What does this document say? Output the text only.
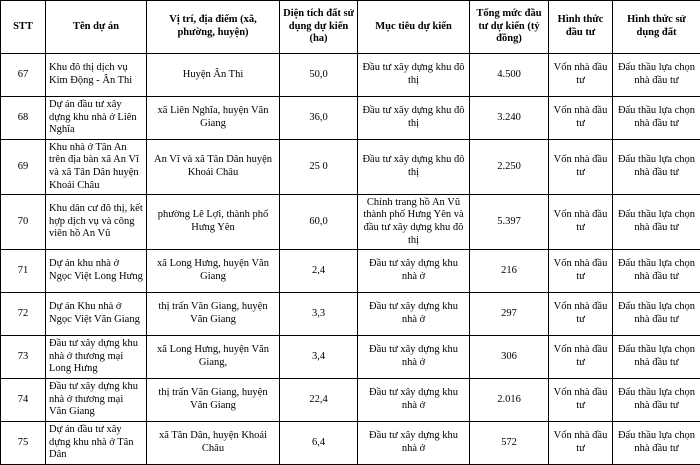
STT	Tên dự án	Vị trí, địa điểm (xã, phường, huyện)	Diện tích đất sử dụng dự kiến (ha)	Mục tiêu dự kiến	Tổng mức đầu tư dự kiến (tỷ đồng)	Hình thức đầu tư	Hình thức sử dụng đất
67	Khu đô thị dịch vụ Kim Động - Ân Thi	Huyện Ân Thi	50,0	Đầu tư xây dựng khu đô thị	4.500	Vốn nhà đầu tư	Đấu thầu lựa chọn nhà đầu tư
68	Dự án đầu tư xây dựng khu nhà ở Liên Nghĩa	xã Liên Nghĩa, huyện Văn Giang	36,0	Đầu tư xây dựng khu đô thị	3.240	Vốn nhà đầu tư	Đấu thầu lựa chọn nhà đầu tư
69	Khu nhà ở Tân An trên địa bàn xã An Vĩ và xã Tân Dân huyện Khoái Châu	An Vĩ và xã Tân Dân huyện Khoái Châu	25 0	Đầu tư xây dựng khu đô thị	2.250	Vốn nhà đầu tư	Đấu thầu lựa chọn nhà đầu tư
70	Khu dân cư đô thị, kết hợp dịch vụ và công viên hồ An Vũ	phường Lê Lợi, thành phố Hưng Yên	60,0	Chỉnh trang hồ An Vũ thành phố Hưng Yên và đầu tư xây dựng khu đô thị	5.397	Vốn nhà đầu tư	Đấu thầu lựa chọn nhà đầu tư
71	Dự án khu nhà ở Ngọc Việt Long Hưng	xã Long Hưng, huyện Văn Giang	2,4	Đầu tư xây dựng khu nhà ở	216	Vốn nhà đầu tư	Đấu thầu lựa chọn nhà đầu tư
72	Dự án Khu nhà ở Ngọc Việt Văn Giang	thị trấn Văn Giang, huyện Văn Giang	3,3	Đầu tư xây dựng khu nhà ở	297	Vốn nhà đầu tư	Đấu thầu lựa chọn nhà đầu tư
73	Đầu tư xây dựng khu nhà ở thương mại Long Hưng	xã Long Hưng, huyện Văn Giang,	3,4	Đầu tư xây dựng khu nhà ở	306	Vốn nhà đầu tư	Đấu thầu lựa chọn nhà đầu tư
74	Đầu tư xây dựng khu nhà ở thương mại Văn Giang	thị trấn Văn Giang, huyện Văn Giang	22,4	Đầu tư xây dựng khu nhà ở	2.016	Vốn nhà đầu tư	Đấu thầu lựa chọn nhà đầu tư
75	Dự án đầu tư xây dựng khu nhà ở Tân Dân	xã Tân Dân, huyện Khoái Châu	6,4	Đầu tư xây dựng khu nhà ở	572	Vốn nhà đầu tư	Đấu thầu lựa chọn nhà đầu tư
